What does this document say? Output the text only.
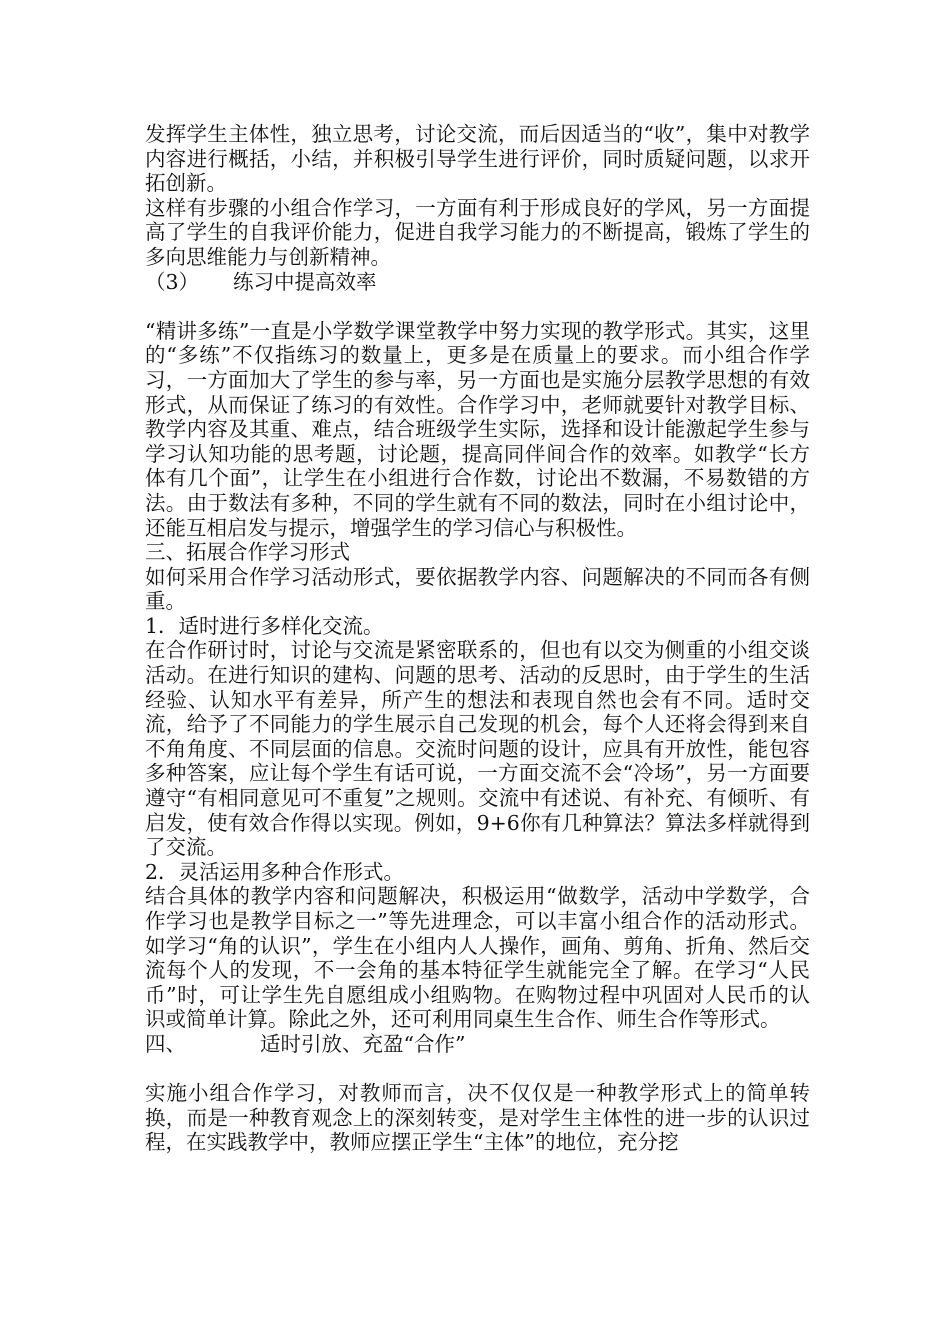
发挥学生主体性，独立思考，讨论交流，而后因适当的“收”，集中对教学内容进行概括，小结，并积极引导学生进行评价，同时质疑问题，以求开拓创新。

这样有步骤的小组合作学习，一方面有利于形成良好的学风，另一方面提高了学生的自我评价能力，促进自我学习能力的不断提高，锻炼了学生的多向思维能力与创新精神。

（3） 练习中提高效率

“精讲多练”一直是小学数学课堂教学中努力实现的教学形式。其实，这里的“多练”不仅指练习的数量上，更多是在质量上的要求。而小组合作学习，一方面加大了学生的参与率，另一方面也是实施分层教学思想的有效形式，从而保证了练习的有效性。合作学习中，老师就要针对教学目标、教学内容及其重、难点，结合班级学生实际，选择和设计能激起学生参与学习认知功能的思考题，讨论题，提高同伴间合作的效率。如教学“长方体有几个面”，让学生在小组进行合作数，讨论出不数漏，不易数错的方法。由于数法有多种，不同的学生就有不同的数法，同时在小组讨论中，还能互相启发与提示，增强学生的学习信心与积极性。

三、拓展合作学习形式

如何采用合作学习活动形式，要依据教学内容、问题解决的不同而各有侧重。

1．适时进行多样化交流。

在合作研讨时，讨论与交流是紧密联系的，但也有以交为侧重的小组交谈活动。在进行知识的建构、问题的思考、活动的反思时，由于学生的生活经验、认知水平有差异，所产生的想法和表现自然也会有不同。适时交流，给予了不同能力的学生展示自己发现的机会，每个人还将会得到来自不角角度、不同层面的信息。交流时问题的设计，应具有开放性，能包容多种答案，应让每个学生有话可说，一方面交流不会“冷场”，另一方面要遵守“有相同意见可不重复”之规则。交流中有述说、有补充、有倾听、有启发，使有效合作得以实现。例如，9+6你有几种算法？算法多样就得到了交流。

2．灵活运用多种合作形式。

结合具体的教学内容和问题解决，积极运用“做数学，活动中学数学，合作学习也是教学目标之一”等先进理念，可以丰富小组合作的活动形式。如学习“角的认识”，学生在小组内人人操作，画角、剪角、折角、然后交流每个人的发现，不一会角的基本特征学生就能完全了解。在学习“人民币”时，可让学生先自愿组成小组购物。在购物过程中巩固对人民币的认识或简单计算。除此之外，还可利用同桌生生合作、师生合作等形式。

四、	适时引放、充盈“合作”

实施小组合作学习，对教师而言，决不仅仅是一种教学形式上的简单转换，而是一种教育观念上的深刻转变，是对学生主体性的进一步的认识过程，在实践教学中，教师应摆正学生“主体”的地位，充分挖
